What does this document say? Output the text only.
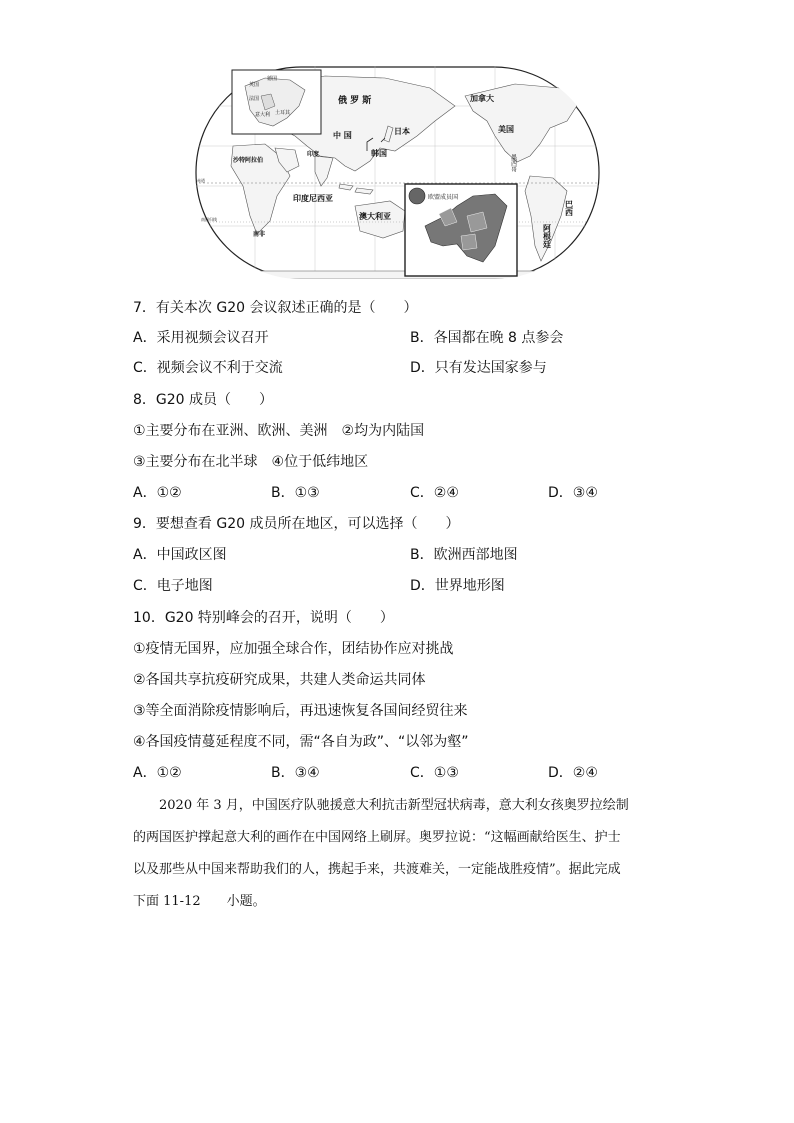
英国
德国
法国
意大利 土耳其
欧盟成员国
俄 罗 斯	加拿大
美国
中 国	日本
韩国
印度
沙特阿拉伯
印度尼西亚
澳大利亚
南非
墨西哥
巴西
阿根廷
赤道
南回归线
7．有关本次 G20 会议叙述正确的是（　　）
A．采用视频会议召开	B．各国都在晚 8 点参会
C．视频会议不利于交流	D．只有发达国家参与
8．G20 成员（　　）
①主要分布在亚洲、欧洲、美洲　②均为内陆国
③主要分布在北半球　④位于低纬地区
A．①②	B．①③	C．②④	D．③④
9．要想查看 G20 成员所在地区，可以选择（　　）
A．中国政区图	B．欧洲西部地图
C．电子地图	D．世界地形图
10．G20 特别峰会的召开，说明（　　）
①疫情无国界，应加强全球合作，团结协作应对挑战
②各国共享抗疫研究成果，共建人类命运共同体
③等全面消除疫情影响后，再迅速恢复各国间经贸往来
④各国疫情蔓延程度不同，需“各自为政”、“以邻为壑”
A．①②	B．③④	C．①③	D．②④

2020 年 3 月，中国医疗队驰援意大利抗击新型冠状病毒，意大利女孩奥罗拉绘制

的两国医护撑起意大利的画作在中国网络上刷屏。奥罗拉说：“这幅画献给医生、护士

以及那些从中国来帮助我们的人，携起手来，共渡难关，一定能战胜疫情”。据此完成

下面 11-12　　小题。
